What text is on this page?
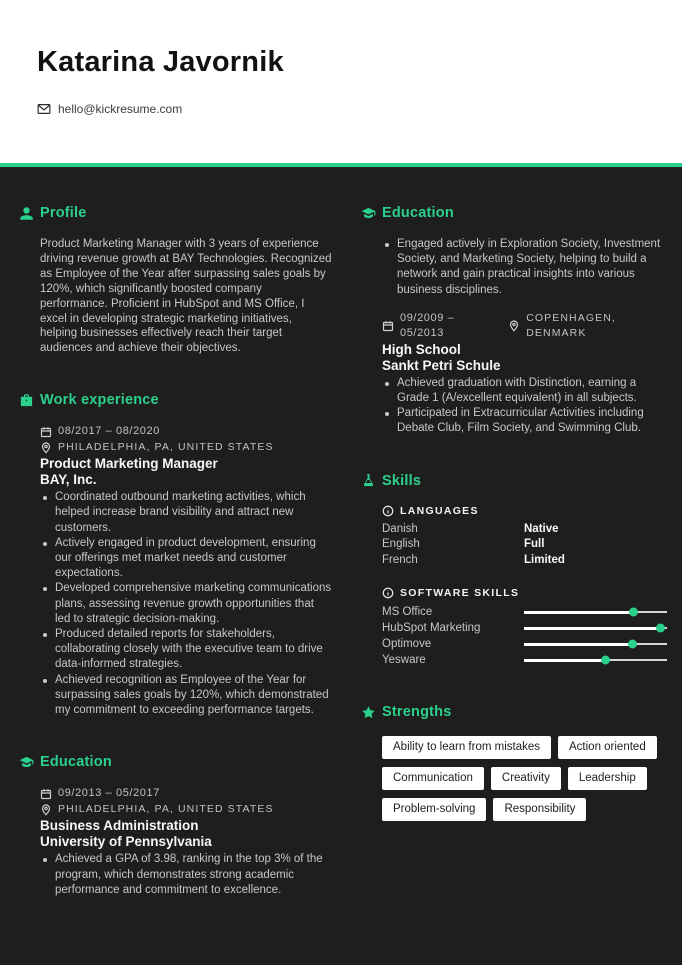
Katarina Javornik
hello@kickresume.com
Profile

Product Marketing Manager with 3 years of experience driving revenue growth at BAY Technologies. Recognized as Employee of the Year after surpassing sales goals by 120%, which significantly boosted company performance. Proficient in HubSpot and MS Office, I excel in developing strategic marketing initiatives, helping businesses effectively reach their target audiences and achieve their objectives.

Work experience
08/2017 – 08/2020
PHILADELPHIA, PA, UNITED STATES
Product Marketing Manager
BAY, Inc.
Coordinated outbound marketing activities, which helped increase brand visibility and attract new customers.
Actively engaged in product development, ensuring our offerings met market needs and customer expectations.
Developed comprehensive marketing communications plans, assessing revenue growth opportunities that led to strategic decision-making.
Produced detailed reports for stakeholders, collaborating closely with the executive team to drive data-informed strategies.
Achieved recognition as Employee of the Year for surpassing sales goals by 120%, which demonstrated my commitment to exceeding performance targets.
Education
09/2013 – 05/2017
PHILADELPHIA, PA, UNITED STATES
Business Administration
University of Pennsylvania
Achieved a GPA of 3.98, ranking in the top 3% of the program, which demonstrates strong academic performance and commitment to excellence.
Education
Engaged actively in Exploration Society, Investment Society, and Marketing Society, helping to build a network and gain practical insights into various business disciplines.
09/2009 – 05/2013
COPENHAGEN, DENMARK
High School
Sankt Petri Schule
Achieved graduation with Distinction, earning a Grade 1 (A/excellent equivalent) in all subjects.
Participated in Extracurricular Activities including Debate Club, Film Society, and Swimming Club.
Skills
LANGUAGES
Danish	Native
English	Full
French	Limited
SOFTWARE SKILLS
MS Office
HubSpot Marketing
Optimove
Yesware
Strengths
Ability to learn from mistakes	Action oriented
Communication	Creativity	Leadership
Problem-solving	Responsibility
